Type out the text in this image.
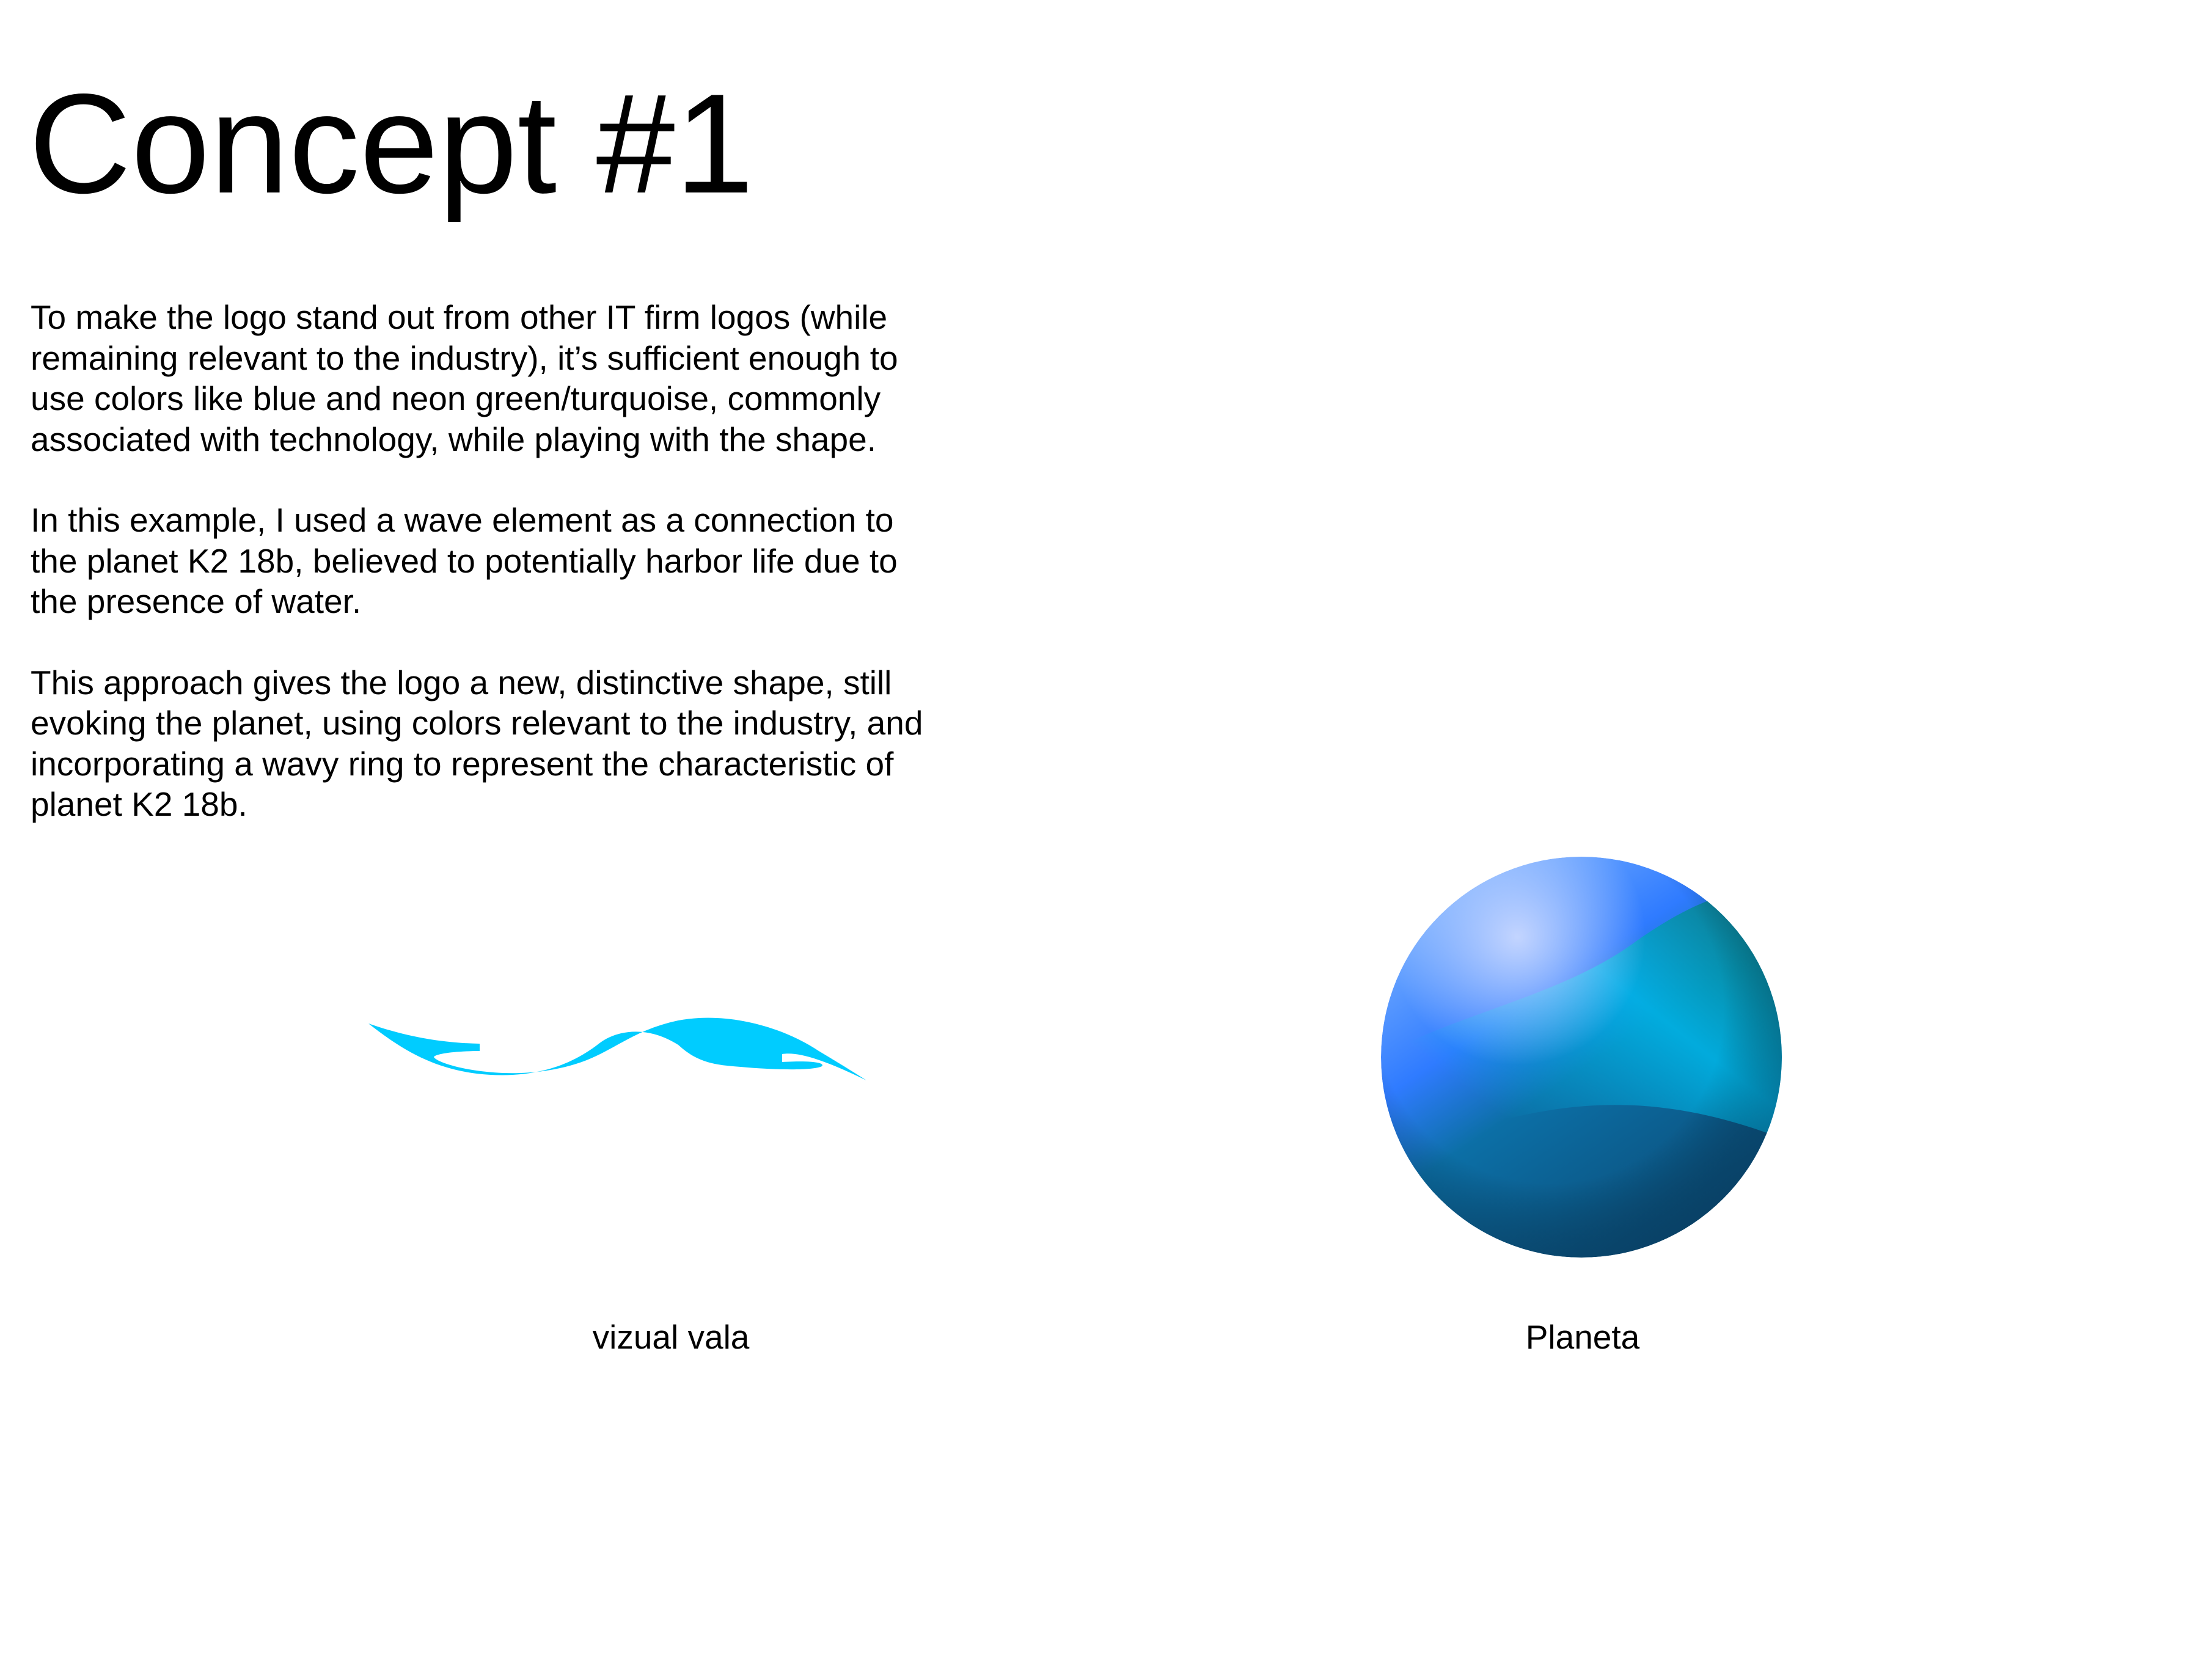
Concept #1

To make the logo stand out from other IT firm logos (while
remaining relevant to the industry), it’s sufficient enough to
use colors like blue and neon green/turquoise, commonly
associated with technology, while playing with the shape.

In this example, I used a wave element as a connection to
the planet K2 18b, believed to potentially harbor life due to
the presence of water.

This approach gives the logo a new, distinctive shape, still
evoking the planet, using colors relevant to the industry, and
incorporating a wavy ring to represent the characteristic of
planet K2 18b.

vizual vala	Planeta
